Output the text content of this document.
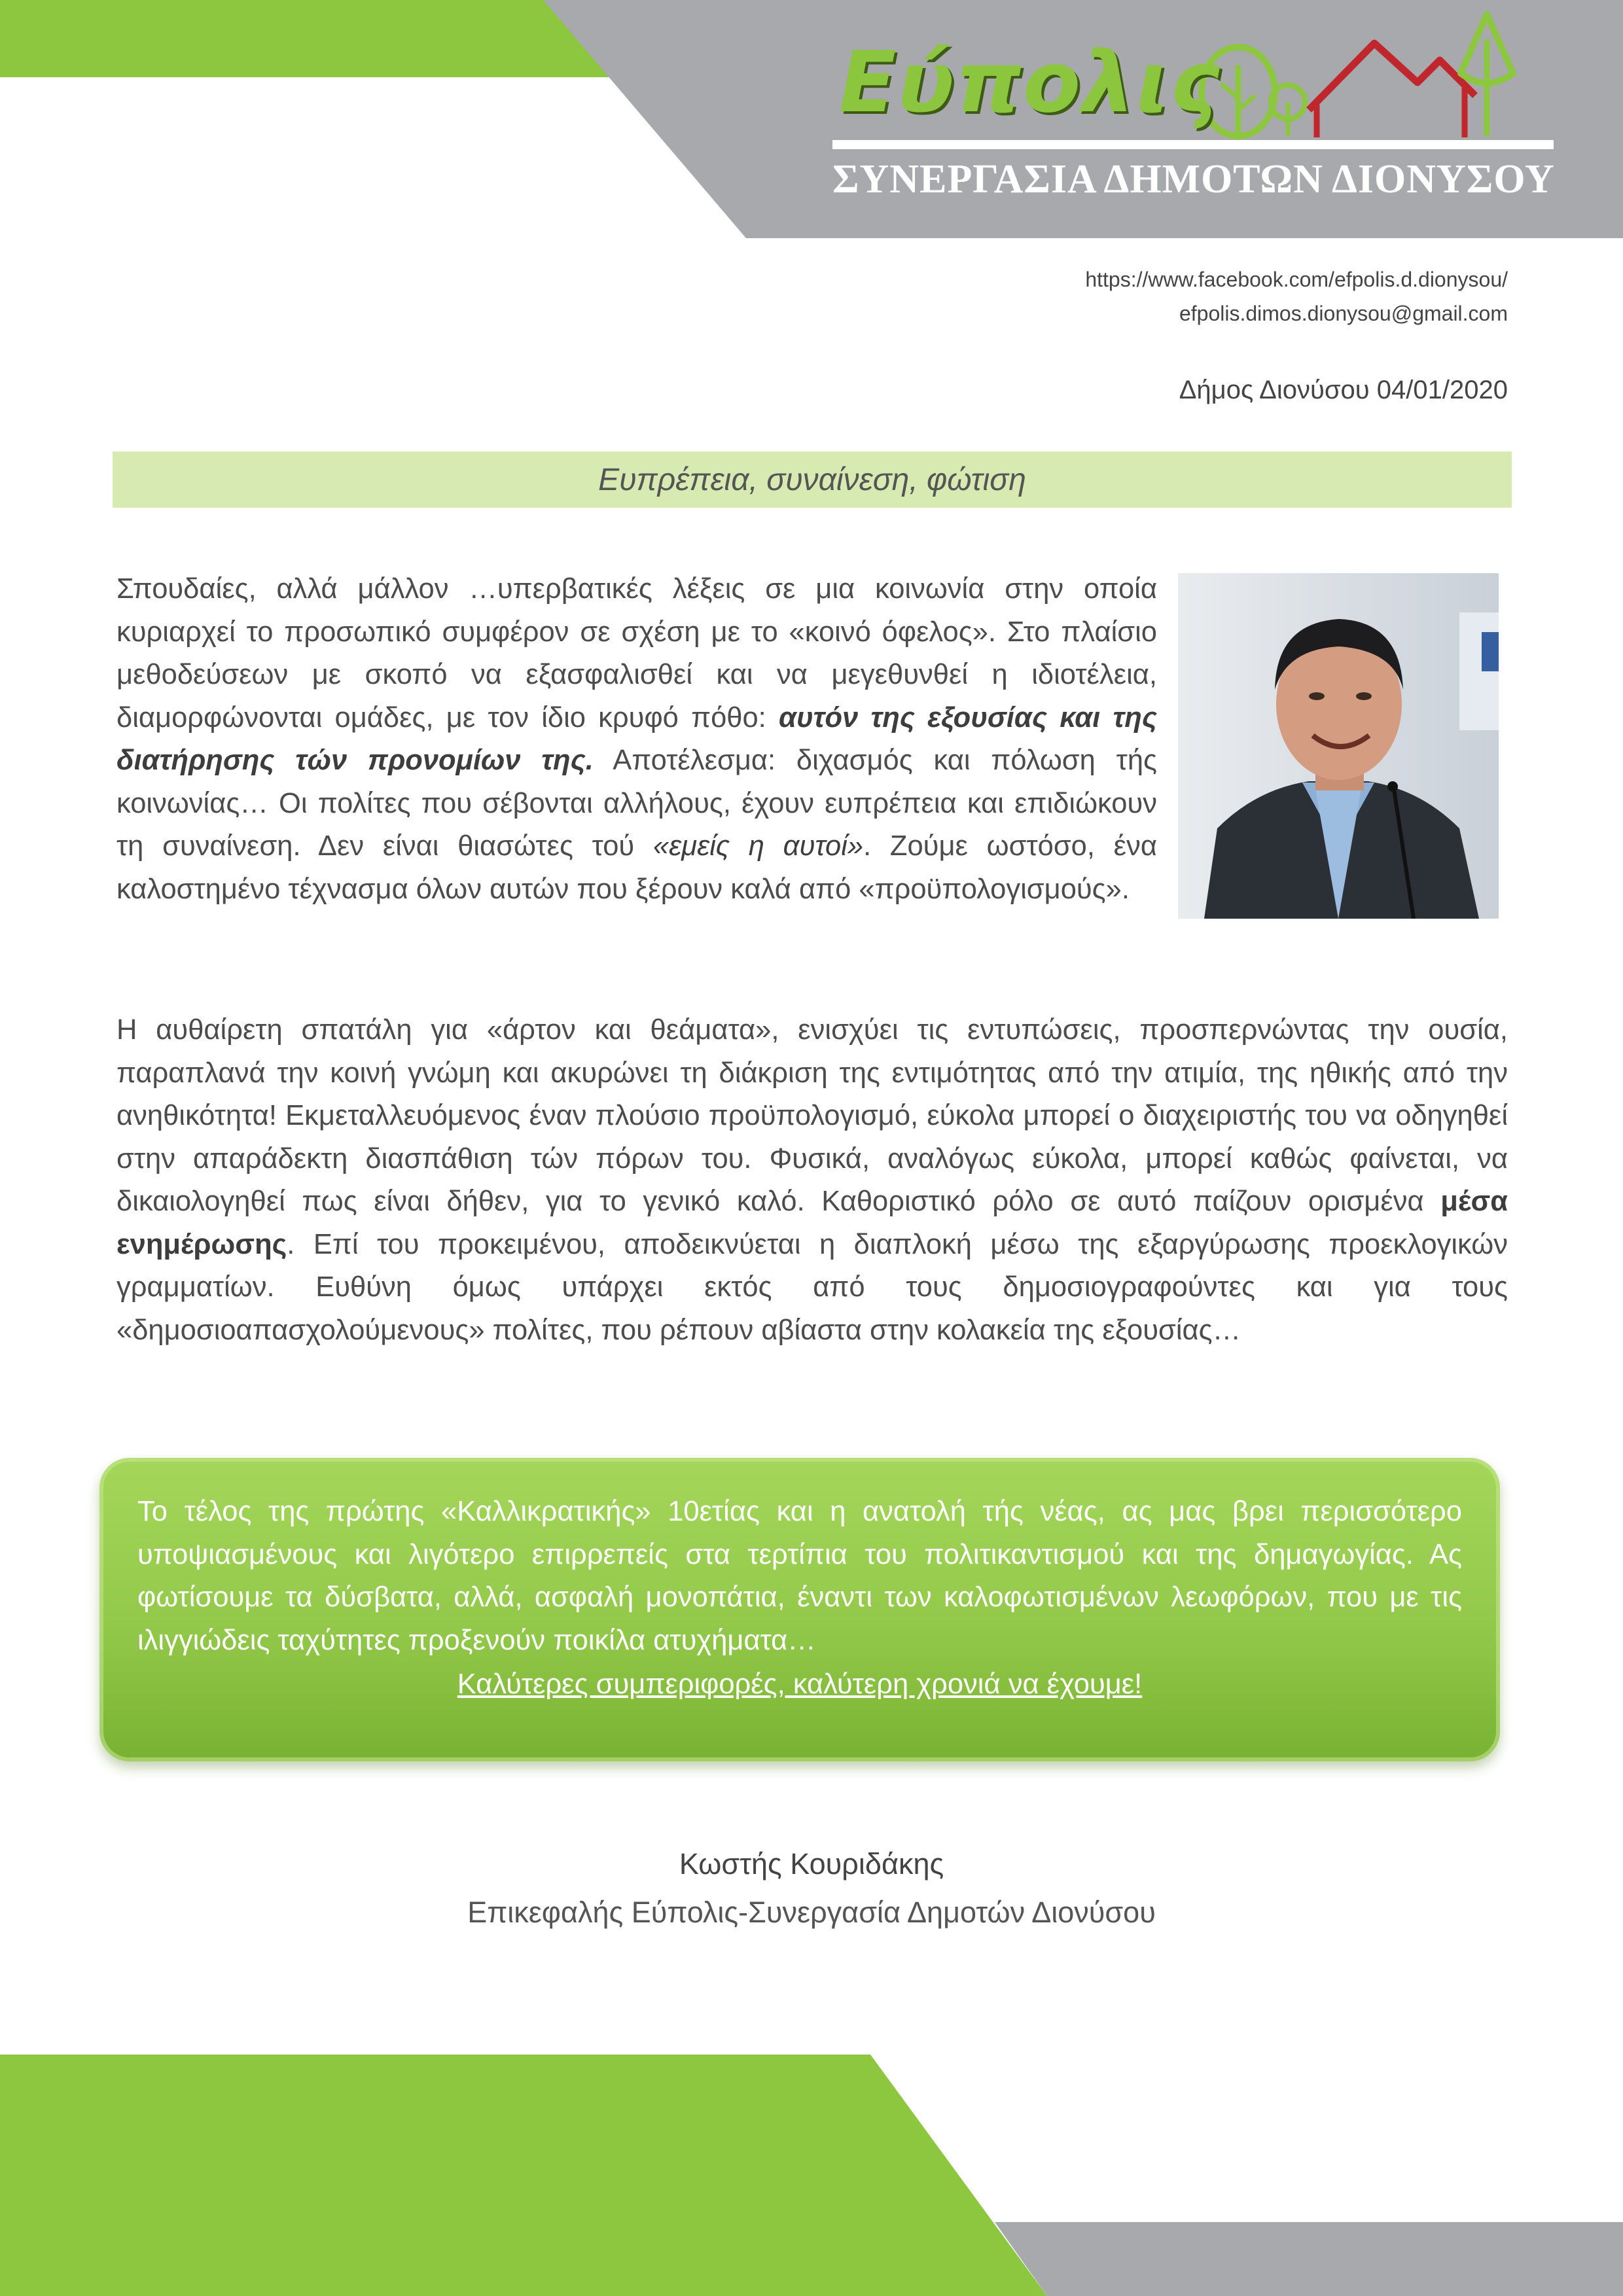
Εύπολις
ΣΥΝΕΡΓΑΣΙΑ ΔΗΜΟΤΩΝ ΔΙΟΝΥΣΟΥ
https://www.facebook.com/efpolis.d.dionysou/
efpolis.dimos.dionysou@gmail.com
Δήμος Διονύσου 04/01/2020
Ευπρέπεια, συναίνεση, φώτιση

Σπουδαίες, αλλά μάλλον …υπερβατικές λέξεις σε μια κοινωνία στην οποία κυριαρχεί το προσωπικό συμφέρον σε σχέση με το «κοινό όφελος». Στο πλαίσιο μεθοδεύσεων με σκοπό να εξασφαλισθεί και να μεγεθυνθεί η ιδιοτέλεια, διαμορφώνονται ομάδες, με τον ίδιο κρυφό πόθο: αυτόν της εξουσίας και της διατήρησης τών προνομίων της. Αποτέλεσμα: διχασμός και πόλωση τής κοινωνίας… Οι πολίτες που σέβονται αλλήλους, έχουν ευπρέπεια και επιδιώκουν τη συναίνεση. Δεν είναι θιασώτες τού «εμείς η αυτοί». Ζούμε ωστόσο, ένα καλοστημένο τέχνασμα όλων αυτών που ξέρουν καλά από «προϋπολογισμούς».

Η αυθαίρετη σπατάλη για «άρτον και θεάματα», ενισχύει τις εντυπώσεις, προσπερνώντας την ουσία, παραπλανά την κοινή γνώμη και ακυρώνει τη διάκριση της εντιμότητας από την ατιμία, της ηθικής από την ανηθικότητα! Εκμεταλλευόμενος έναν πλούσιο προϋπολογισμό, εύκολα μπορεί ο διαχειριστής του να οδηγηθεί στην απαράδεκτη διασπάθιση τών πόρων του. Φυσικά, αναλόγως εύκολα, μπορεί καθώς φαίνεται, να δικαιολογηθεί πως είναι δήθεν, για το γενικό καλό. Καθοριστικό ρόλο σε αυτό παίζουν ορισμένα μέσα ενημέρωσης. Επί του προκειμένου, αποδεικνύεται η διαπλοκή μέσω της εξαργύρωσης προεκλογικών γραμματίων. Ευθύνη όμως υπάρχει εκτός από τους δημοσιογραφούντες και για τους «δημοσιοαπασχολούμενους» πολίτες, που ρέπουν αβίαστα στην κολακεία της εξουσίας…

Το τέλος της πρώτης «Καλλικρατικής» 10ετίας και η ανατολή τής νέας, ας μας βρει περισσότερο υποψιασμένους και λιγότερο επιρρεπείς στα τερτίπια του πολιτικαντισμού και της δημαγωγίας. Ας φωτίσουμε τα δύσβατα, αλλά, ασφαλή μονοπάτια, έναντι των καλοφωτισμένων λεωφόρων, που με τις ιλιγγιώδεις ταχύτητες προξενούν ποικίλα ατυχήματα…

Καλύτερες συμπεριφορές, καλύτερη χρονιά να έχουμε!
Κωστής Κουριδάκης
Επικεφαλής Εύπολις-Συνεργασία Δημοτών Διονύσου
